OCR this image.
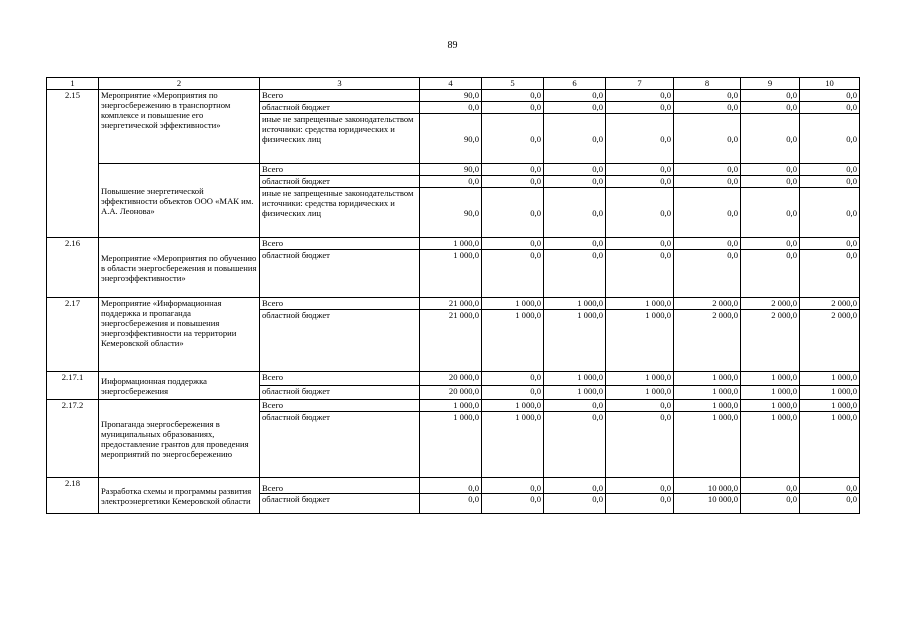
89
1	2	3	4	5	6	7	8	9	10
2.15	Мероприятие «Мероприятия по энергосбережению в транспортном комплексе и повышение его энергетической эффективности»	Всего	90,0	0,0	0,0	0,0	0,0	0,0	0,0
		областной бюджет	0,0	0,0	0,0	0,0	0,0	0,0	0,0
		иные не запрещенные законодательством источники: средства юридических и физических лиц	90,0	0,0	0,0	0,0	0,0	0,0	0,0
	Повышение энергетической эффективности объектов ООО «МАК им. А.А. Леонова»	Всего	90,0	0,0	0,0	0,0	0,0	0,0	0,0
		областной бюджет	0,0	0,0	0,0	0,0	0,0	0,0	0,0
		иные не запрещенные законодательством источники: средства юридических и физических лиц	90,0	0,0	0,0	0,0	0,0	0,0	0,0
2.16	Мероприятие «Мероприятия по обучению в области энергосбережения и повышения энергоэффективности»	Всего	1 000,0	0,0	0,0	0,0	0,0	0,0	0,0
		областной бюджет	1 000,0	0,0	0,0	0,0	0,0	0,0	0,0
2.17	Мероприятие «Информационная поддержка и пропаганда энергосбережения и повышения энергоэффективности на территории Кемеровской области»	Всего	21 000,0	1 000,0	1 000,0	1 000,0	2 000,0	2 000,0	2 000,0
		областной бюджет	21 000,0	1 000,0	1 000,0	1 000,0	2 000,0	2 000,0	2 000,0
2.17.1	Информационная поддержка энергосбережения	Всего	20 000,0	0,0	1 000,0	1 000,0	1 000,0	1 000,0	1 000,0
		областной бюджет	20 000,0	0,0	1 000,0	1 000,0	1 000,0	1 000,0	1 000,0
2.17.2	Пропаганда энергосбережения в муниципальных образованиях, предоставление грантов для проведения мероприятий по энергосбережению	Всего	1 000,0	1 000,0	0,0	0,0	1 000,0	1 000,0	1 000,0
		областной бюджет	1 000,0	1 000,0	0,0	0,0	1 000,0	1 000,0	1 000,0
2.18	Разработка схемы и программы развития электроэнергетики Кемеровской области	Всего	0,0	0,0	0,0	0,0	10 000,0	0,0	0,0
		областной бюджет	0,0	0,0	0,0	0,0	10 000,0	0,0	0,0
